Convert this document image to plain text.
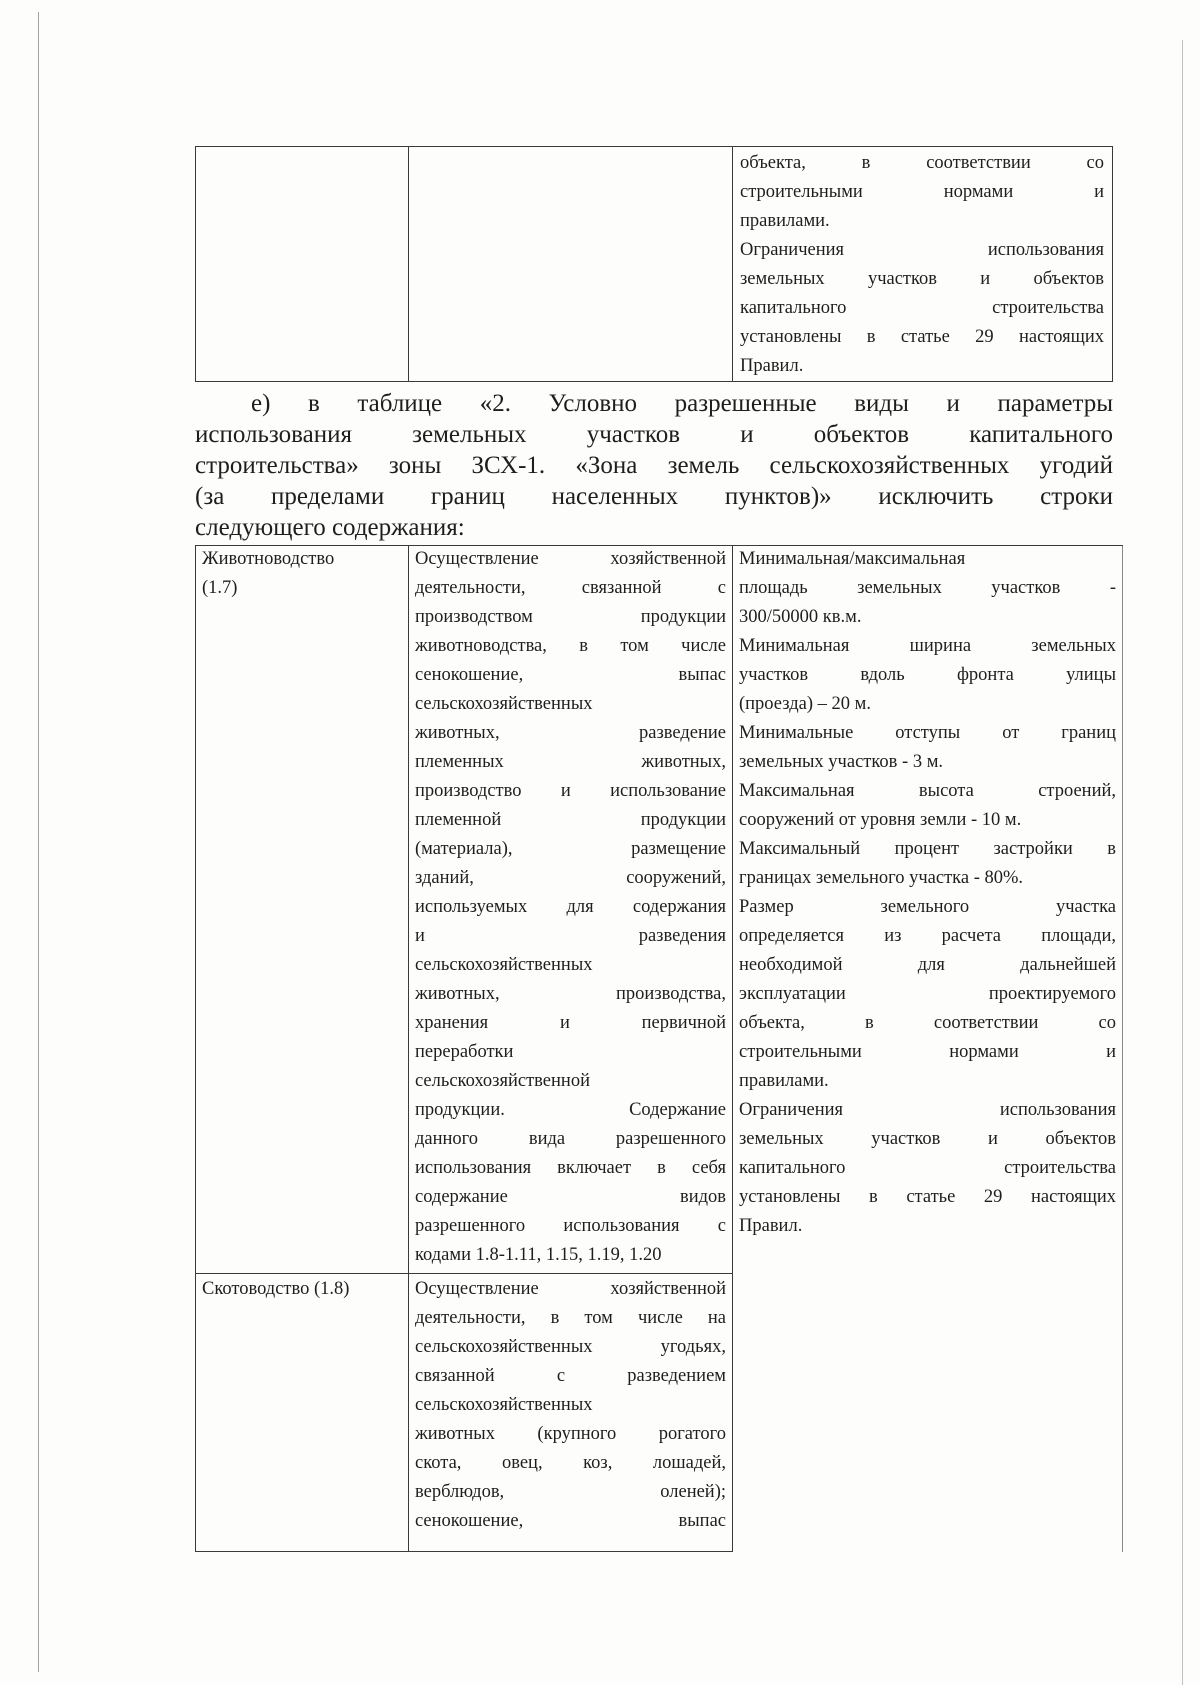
объекта, в соответствии со
строительными нормами и
правилами.
Ограничения использования
земельных участков и объектов
капитального строительства
установлены в статье 29 настоящих
Правил.
е) в таблице «2. Условно разрешенные виды и параметры
использования земельных участков и объектов капитального
строительства» зоны ЗСХ-1. «Зона земель сельскохозяйственных угодий
(за пределами границ населенных пунктов)» исключить строки
следующего содержания:
Животноводство
(1.7)
Осуществление хозяйственной
деятельности, связанной с
производством продукции
животноводства, в том числе
сенокошение, выпас
сельскохозяйственных
животных, разведение
племенных животных,
производство и использование
племенной продукции
(материала), размещение
зданий, сооружений,
используемых для содержания
и разведения
сельскохозяйственных
животных, производства,
хранения и первичной
переработки
сельскохозяйственной
продукции. Содержание
данного вида разрешенного
использования включает в себя
содержание видов
разрешенного использования с
кодами 1.8-1.11, 1.15, 1.19, 1.20
Минимальная/максимальная
площадь земельных участков -
300/50000 кв.м.
Минимальная ширина земельных
участков вдоль фронта улицы
(проезда) – 20 м.
Минимальные отступы от границ
земельных участков - 3 м.
Максимальная высота строений,
сооружений от уровня земли - 10 м.
Максимальный процент застройки в
границах земельного участка - 80%.
Размер земельного участка
определяется из расчета площади,
необходимой для дальнейшей
эксплуатации проектируемого
объекта, в соответствии со
строительными нормами и
правилами.
Ограничения использования
земельных участков и объектов
капитального строительства
установлены в статье 29 настоящих
Правил.
Скотоводство (1.8)	Осуществление хозяйственной
деятельности, в том числе на
сельскохозяйственных угодьях,
связанной с разведением
сельскохозяйственных
животных (крупного рогатого
скота, овец, коз, лошадей,
верблюдов, оленей);
сенокошение, выпас
